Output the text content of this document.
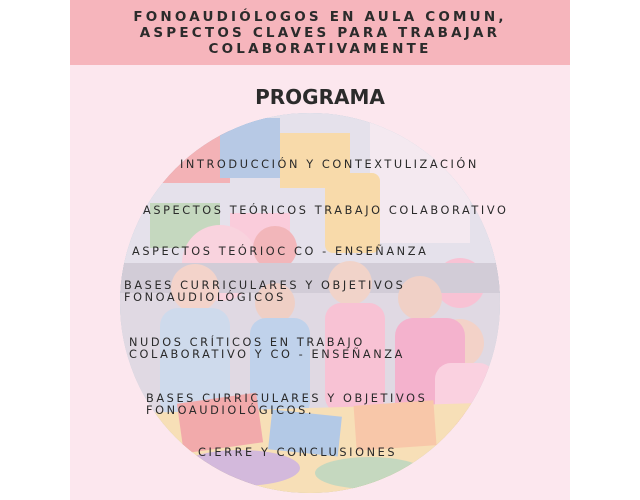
FONOAUDIÓLOGOS EN AULA COMUN,
ASPECTOS CLAVES PARA TRABAJAR
COLABORATIVAMENTE
PROGRAMA
INTRODUCCIÓN Y CONTEXTULIZACIÓN
ASPECTOS TEÓRICOS TRABAJO COLABORATIVO
ASPECTOS TEÓRIOC CO - ENSEÑANZA
BASES CURRICULARES Y OBJETIVOS
FONOAUDIOLÓGICOS
NUDOS CRÍTICOS EN TRABAJO
COLABORATIVO Y CO - ENSEÑANZA
BASES CURRICULARES Y OBJETIVOS
FONOAUDIOLÓGICOS.
CIERRE Y CONCLUSIONES
